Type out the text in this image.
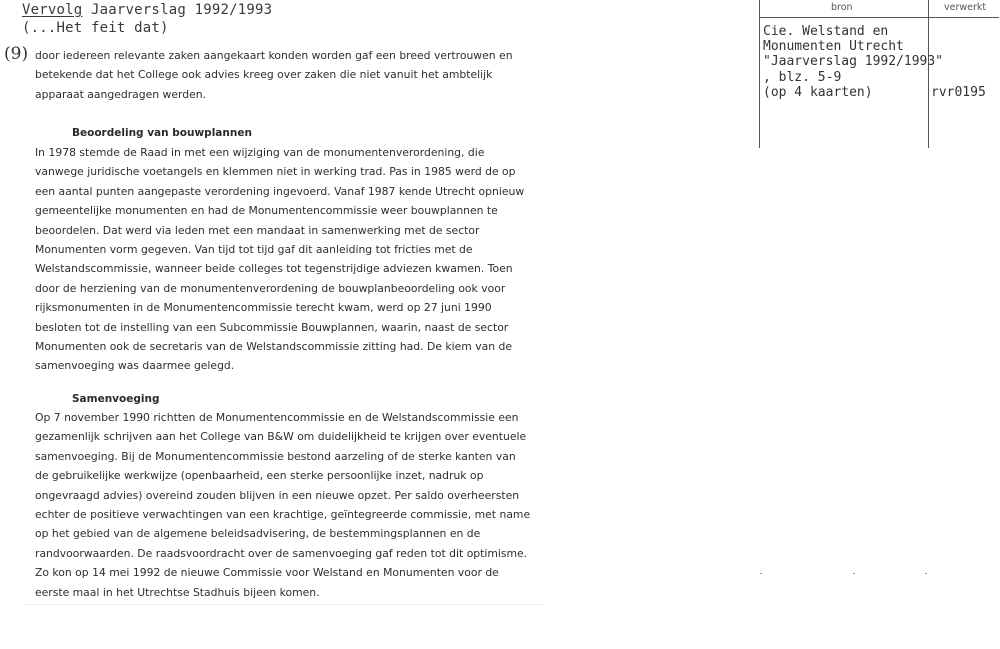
Vervolg Jaarverslag 1992/1993
(...Het feit dat)
(9) door iedereen relevante zaken aangekaart konden worden gaf een breed vertrouwen en
betekende dat het College ook advies kreeg over zaken die niet vanuit het ambtelijk
apparaat aangedragen werden.
Beoordeling van bouwplannen
In 1978 stemde de Raad in met een wijziging van de monumentenverordening, die
vanwege juridische voetangels en klemmen niet in werking trad. Pas in 1985 werd de op
een aantal punten aangepaste verordening ingevoerd. Vanaf 1987 kende Utrecht opnieuw
gemeentelijke monumenten en had de Monumentencommissie weer bouwplannen te
beoordelen. Dat werd via leden met een mandaat in samenwerking met de sector
Monumenten vorm gegeven. Van tijd tot tijd gaf dit aanleiding tot fricties met de
Welstandscommissie, wanneer beide colleges tot tegenstrijdige adviezen kwamen. Toen
door de herziening van de monumentenverordening de bouwplanbeoordeling ook voor
rijksmonumenten in de Monumentencommissie terecht kwam, werd op 27 juni 1990
besloten tot de instelling van een Subcommissie Bouwplannen, waarin, naast de sector
Monumenten ook de secretaris van de Welstandscommissie zitting had. De kiem van de
samenvoeging was daarmee gelegd.
Samenvoeging
Op 7 november 1990 richtten de Monumentencommissie en de Welstandscommissie een
gezamenlijk schrijven aan het College van B&W om duidelijkheid te krijgen over eventuele
samenvoeging. Bij de Monumentencommissie bestond aarzeling of de sterke kanten van
de gebruikelijke werkwijze (openbaarheid, een sterke persoonlijke inzet, nadruk op
ongevraagd advies) overeind zouden blijven in een nieuwe opzet. Per saldo overheersten
echter de positieve verwachtingen van een krachtige, geïntegreerde commissie, met name
op het gebied van de algemene beleidsadvisering, de bestemmingsplannen en de
randvoorwaarden. De raadsvoordracht over de samenvoeging gaf reden tot dit optimisme.
Zo kon op 14 mei 1992 de nieuwe Commissie voor Welstand en Monumenten voor de
eerste maal in het Utrechtse Stadhuis bijeen komen.
bron	verwerkt
Cie. Welstand en
Monumenten Utrecht
"Jaarverslag 1992/1993"
, blz. 5-9
(op 4 kaarten)	rvr0195
